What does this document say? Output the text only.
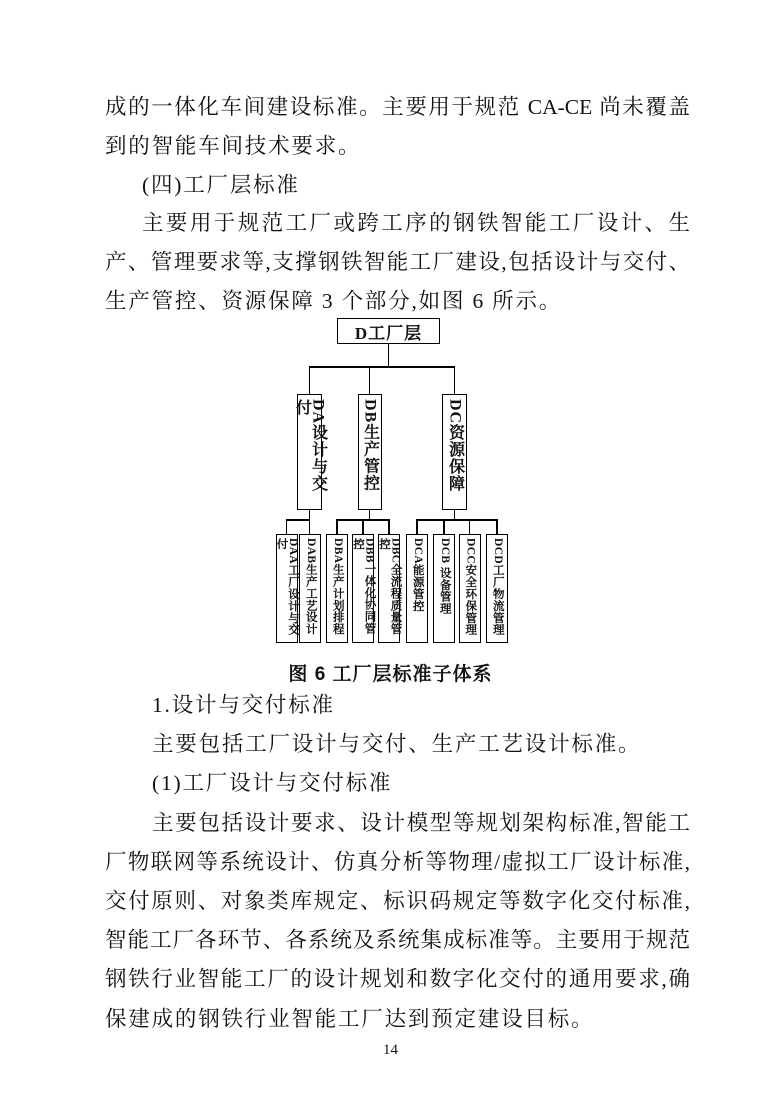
成的一体化车间建设标准。主要用于规范 CA-CE 尚未覆盖
到的智能车间技术要求。
(四)工厂层标准
主要用于规范工厂或跨工序的钢铁智能工厂设计、生
产、管理要求等,支撑钢铁智能工厂建设,包括设计与交付、
生产管控、资源保障 3 个部分,如图 6 所示。
D工厂层
DA设计与交付	DB生产管控	DC资源保障
DAA工厂设计与交付	DAB生产工艺设计 DBA生产计划排程	DBB一体化协同管控	DBC全流程质量管控	DCA能源管控 DCB 设备管理 DCC安全环保管理 DCD工厂物流管理
图 6 工厂层标准子体系
1.设计与交付标准
主要包括工厂设计与交付、生产工艺设计标准。
(1)工厂设计与交付标准
主要包括设计要求、设计模型等规划架构标准,智能工
厂物联网等系统设计、仿真分析等物理/虚拟工厂设计标准,
交付原则、对象类库规定、标识码规定等数字化交付标准,
智能工厂各环节、各系统及系统集成标准等。主要用于规范
钢铁行业智能工厂的设计规划和数字化交付的通用要求,确
保建成的钢铁行业智能工厂达到预定建设目标。
14
